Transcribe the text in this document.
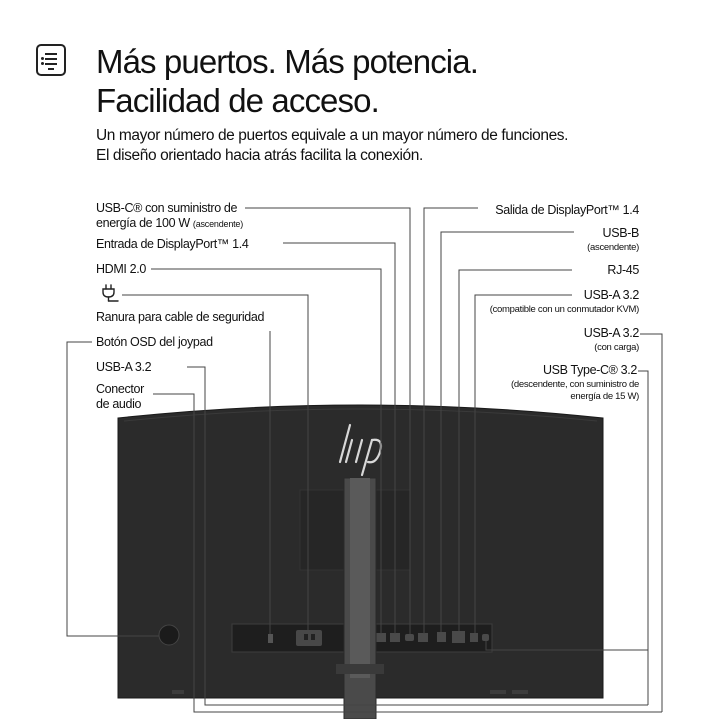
Más puertos. Más potencia.
Facilidad de acceso.

Un mayor número de puertos equivale a un mayor número de funciones.
El diseño orientado hacia atrás facilita la conexión.

USB-C® con suministro de
energía de 100 W (ascendente)
Entrada de DisplayPort™ 1.4
HDMI 2.0
Ranura para cable de seguridad
Botón OSD del joypad
USB-A 3.2
Conector
de audio
Salida de DisplayPort™ 1.4
USB-B
(ascendente)
RJ-45
USB-A 3.2
(compatible con un conmutador KVM)
USB-A 3.2
(con carga)
USB Type-C® 3.2
(descendente, con suministro de
energía de 15 W)
